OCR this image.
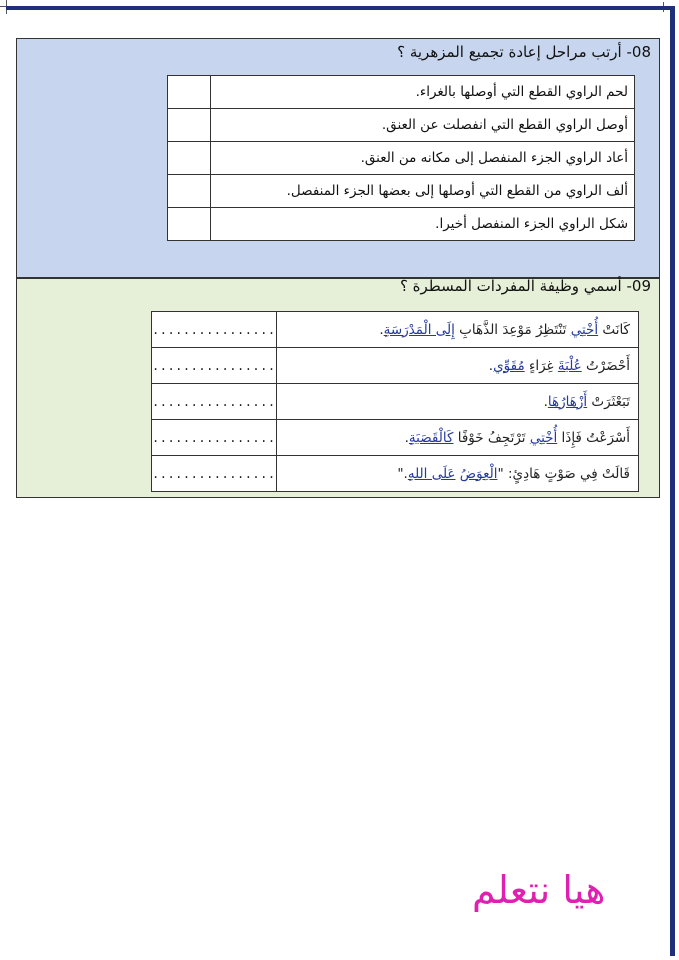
08- أرتب مراحل إعادة تجميع المزهرية ؟
	لحم الراوي القطع التي أوصلها بالغراء.
	أوصل الراوي القطع التي انفصلت عن العنق.
	أعاد الراوي الجزء المنفصل إلى مكانه من العنق.
	ألف الراوي من القطع التي أوصلها إلى بعضها الجزء المنفصل.
	شكل الراوي الجزء المنفصل أخيرا.
09- أسمي وظيفة المفردات المسطرة ؟
................	كَانَتْ أُخْتِي تَنْتَظِرُ مَوْعِدَ الذَّهَابِ إِلَى الْمَدْرَسَةِ.
................	أَحْضَرْتُ عُلْبَةَ غِرَاءٍ مُقَوِّي.
................	تَبَعْثَرَتْ أَزْهَارُهَا.
................	أَسْرَعْتُ فَإِذَا أُخْتِي تَرْتَجِفُ خَوْفًا كَالْقَصَبَةِ.
................	قَالَتْ فِي صَوْتٍ هَادِئٍ: "الْعِوَضُ عَلَى اللهِ."
هيا نتعلم
